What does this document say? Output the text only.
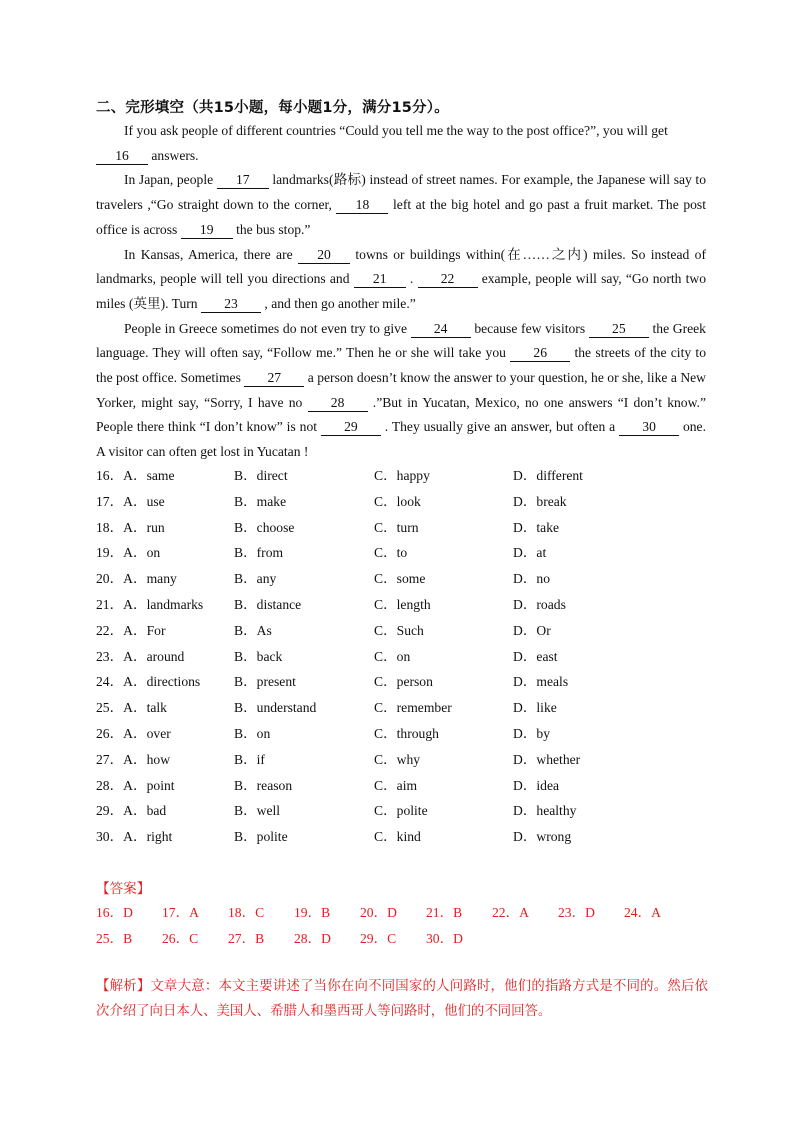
二、完形填空（共15小题，每小题1分，满分15分）。

If you ask people of different countries “Could you tell me the way to the post office?”, you will get
16 answers.

In Japan, people 17 landmarks(路标) instead of street names. For example, the Japanese will say to travelers ,“Go straight down to the corner, 18 left at the big hotel and go past a fruit market. The post office is across 19 the bus stop.”

In Kansas, America, there are 20 towns or buildings within(在……之内) miles. So instead of landmarks, people will tell you directions and 21 . 22 example, people will say, “Go north two miles (英里). Turn 23 , and then go another mile.”

People in Greece sometimes do not even try to give 24 because few visitors 25 the Greek language. They will often say, “Follow me.” Then he or she will take you 26 the streets of the city to the post office. Sometimes 27 a person doesn’t know the answer to your question, he or she, like a New Yorker, might say, “Sorry, I have no 28 .”But in Yucatan, Mexico, no one answers “I don’t know.” People there think “I don’t know” is not 29 . They usually give an answer, but often a 30 one. A visitor can often get lost in Yucatan !

16．A．same	B．direct	C．happy	D．different
17．A．use	B．make	C．look	D．break
18．A．run	B．choose	C．turn	D．take
19．A．on	B．from	C．to	D．at
20．A．many	B．any	C．some	D．no
21．A．landmarks B．distance	C．length	D．roads
22．A．For	B．As	C．Such	D．Or
23．A．around	B．back	C．on	D．east
24．A．directions B．present	C．person	D．meals
25．A．talk	B．understand	C．remember	D．like
26．A．over	B．on	C．through	D．by
27．A．how	B．if	C．why	D．whether
28．A．point	B．reason	C．aim	D．idea
29．A．bad	B．well	C．polite	D．healthy
30．A．right	B．polite	C．kind	D．wrong
【答案】
16．D 17．A 18．C 19．B 20．D 21．B 22．A 23．D 24．A
25．B 26．C 27．B 28．D 29．C 30．D
【解析】文章大意：本文主要讲述了当你在向不同国家的人问路时，他们的指路方式是不同的。然后依次介绍了向日本人、美国人、希腊人和墨西哥人等问路时，他们的不同回答。
